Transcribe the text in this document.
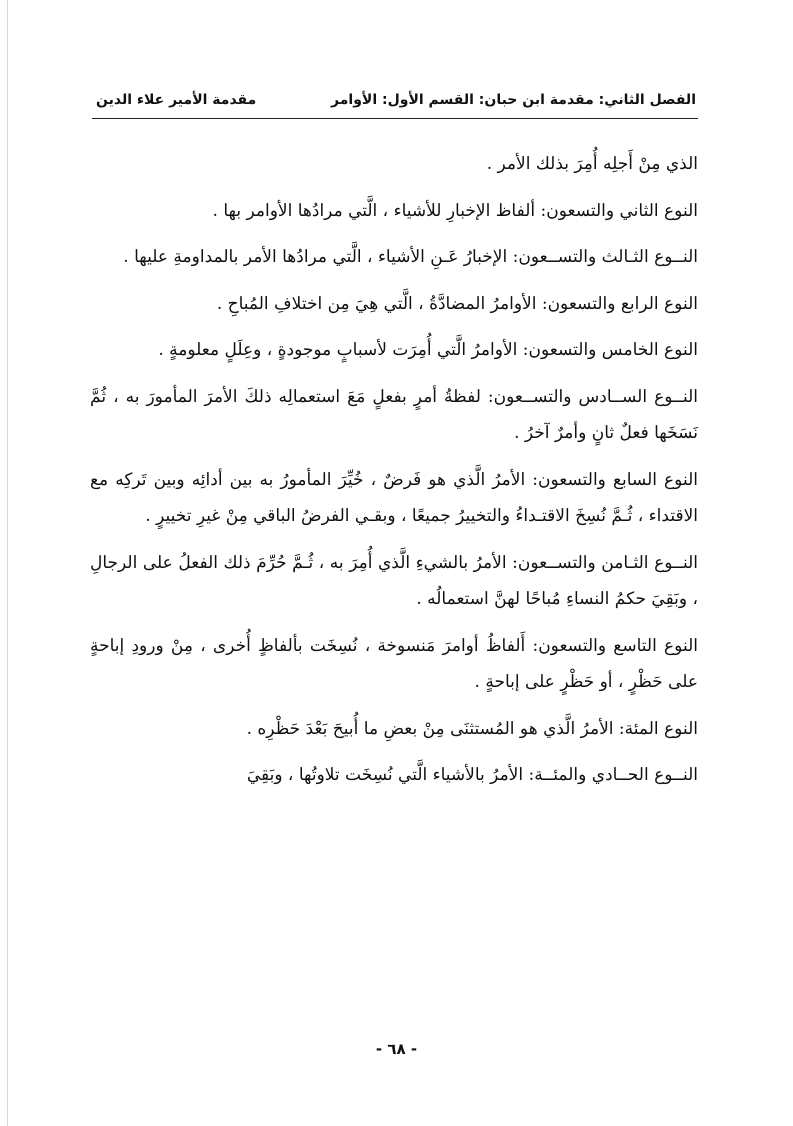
الفصل الثاني: مقدمة ابن حبان: القسم الأول: الأوامر
مقدمة الأمير علاء الدين

الذي مِنْ أَجلِه أُمِرَ بذلك الأمر .

النوع الثاني والتسعون: ألفاظ الإخبارِ للأشياء ، الَّتي مرادُها الأوامر بها .

النــوع الثـالث والتســعون: الإخبارُ عَـنِ الأشياء ، الَّتي مرادُها الأمر بالمداومةِ عليها .

النوع الرابع والتسعون: الأوامرُ المضادَّةُ ، الَّتي هِيَ مِن اختلافِ المُباحِ .

النوع الخامس والتسعون: الأوامرُ الَّتي أُمِرَت لأسبابٍ موجودةٍ ، وعِلَلٍ معلومةٍ .

النــوع الســادس والتســعون: لفظةُ أمرٍ بفعلٍ مَعَ استعمالِه ذلكَ الأمرَ المأمورَ به ، ثُمَّ نَسَخَها فعلٌ ثانٍ وأمرٌ آخرُ .

النوع السابع والتسعون: الأمرُ الَّذي هو فَرضٌ ، خُيِّرَ المأمورُ به بين أدائِه وبين تَركِه مع الاقتداء ، ثُـمَّ نُسِخَ الاقتـداءُ والتخييرُ جميعًا ، وبقـي الفرضُ الباقي مِنْ غيرِ تخييرٍ .

النــوع الثـامن والتســعون: الأمرُ بالشيءِ الَّذي أُمِرَ به ، ثُـمَّ حُرِّمَ ذلك الفعلُ على الرجالِ ، وبَقِيَ حكمُ النساءِ مُباحًا لهنَّ استعمالُه .

النوع التاسع والتسعون: أَلفاظُ أوامرَ مَنسوخة ، نُسِخَت بألفاظٍ أُخرى ، مِنْ ورودِ إباحةٍ على حَظْرٍ ، أو حَظْرٍ على إباحةٍ .

النوع المئة: الأمرُ الَّذي هو المُستثنَى مِنْ بعضِ ما أُبيحَ بَعْدَ حَظْرِه .

النــوع الحــادي والمئــة: الأمرُ بالأشياء الَّتي نُسِخَت تلاوتُها ، وبَقِيَ

- ٦٨ -
